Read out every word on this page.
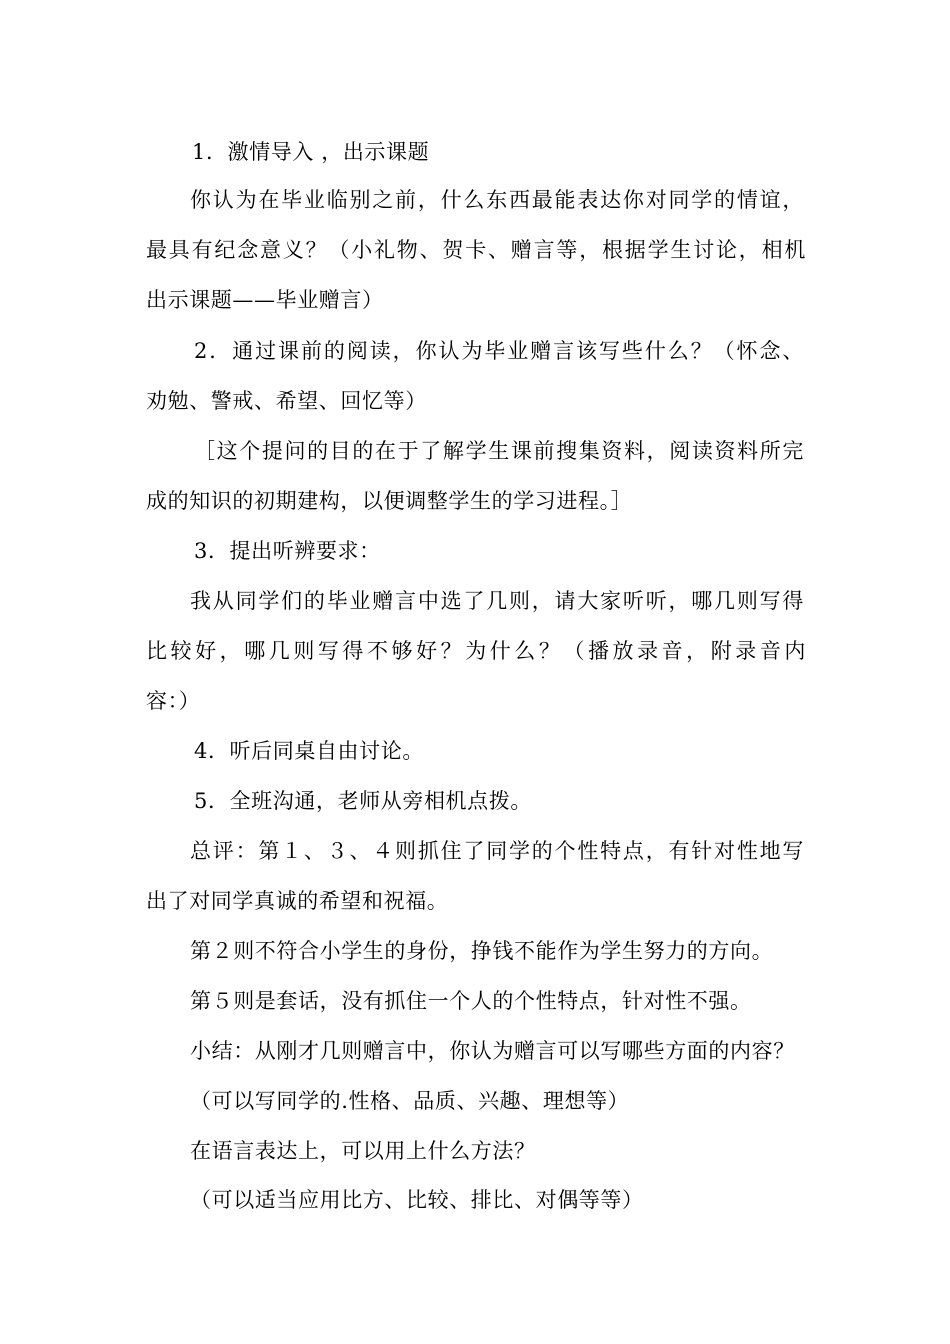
1．激情导入 ，出示课题
你认为在毕业临别之前，什么东西最能表达你对同学的情谊，
最具有纪念意义？（小礼物、贺卡、赠言等，根据学生讨论，相机
出示课题——毕业赠言）
2．通过课前的阅读，你认为毕业赠言该写些什么？（怀念、
劝勉、警戒、希望、回忆等）
［这个提问的目的在于了解学生课前搜集资料，阅读资料所完
成的知识的初期建构，以便调整学生的学习进程。］
3．提出听辨要求：
我从同学们的毕业赠言中选了几则，请大家听听，哪几则写得
比较好，哪几则写得不够好？为什么？（播放录音，附录音内
容：）
4．听后同桌自由讨论。
5．全班沟通，老师从旁相机点拨。
总评：第１、３、４则抓住了同学的个性特点，有针对性地写
出了对同学真诚的希望和祝福。
第２则不符合小学生的身份，挣钱不能作为学生努力的方向。
第５则是套话，没有抓住一个人的个性特点，针对性不强。
小结：从刚才几则赠言中，你认为赠言可以写哪些方面的内容？
（可以写同学的.性格、品质、兴趣、理想等）
在语言表达上，可以用上什么方法？
（可以适当应用比方、比较、排比、对偶等等）
